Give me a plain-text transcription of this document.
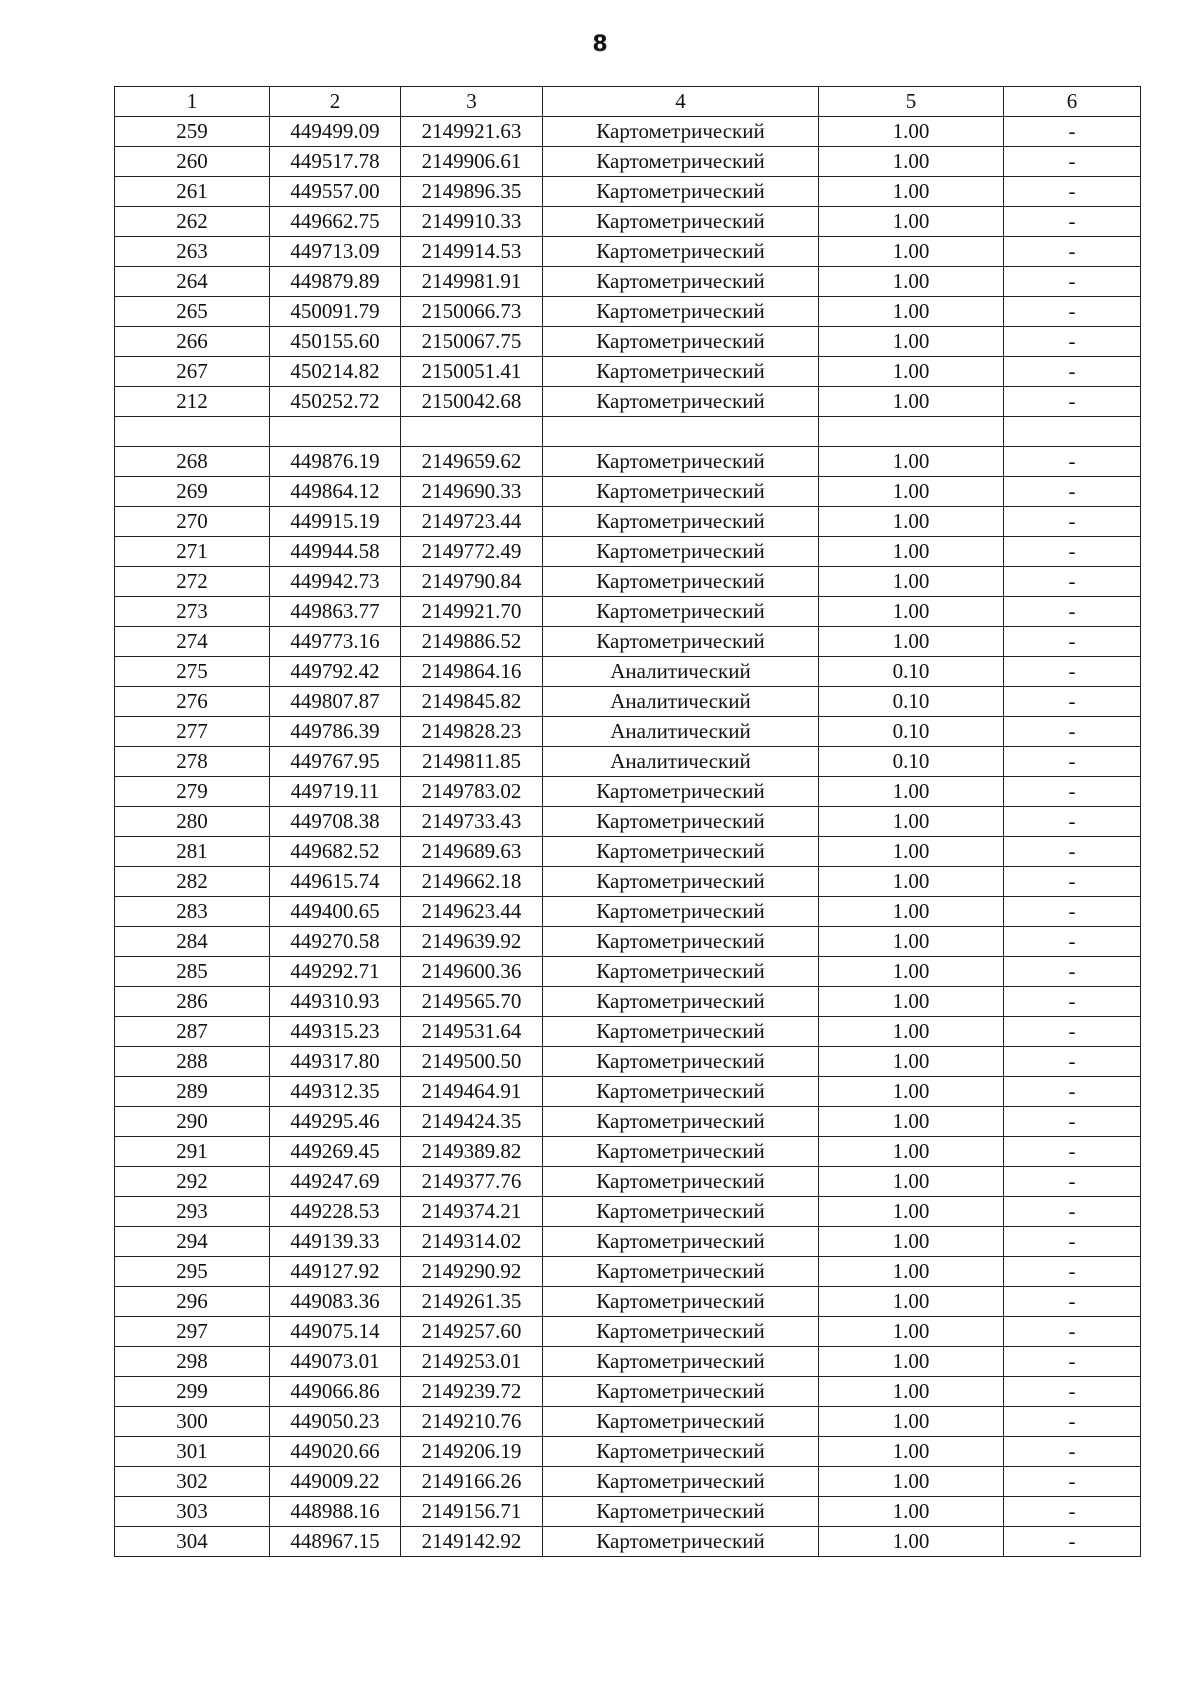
8
1	2	3	4	5	6
259	449499.09	2149921.63	Картометрический	1.00	-
260	449517.78	2149906.61	Картометрический	1.00	-
261	449557.00	2149896.35	Картометрический	1.00	-
262	449662.75	2149910.33	Картометрический	1.00	-
263	449713.09	2149914.53	Картометрический	1.00	-
264	449879.89	2149981.91	Картометрический	1.00	-
265	450091.79	2150066.73	Картометрический	1.00	-
266	450155.60	2150067.75	Картометрический	1.00	-
267	450214.82	2150051.41	Картометрический	1.00	-
212	450252.72	2150042.68	Картометрический	1.00	-

268	449876.19	2149659.62	Картометрический	1.00	-
269	449864.12	2149690.33	Картометрический	1.00	-
270	449915.19	2149723.44	Картометрический	1.00	-
271	449944.58	2149772.49	Картометрический	1.00	-
272	449942.73	2149790.84	Картометрический	1.00	-
273	449863.77	2149921.70	Картометрический	1.00	-
274	449773.16	2149886.52	Картометрический	1.00	-
275	449792.42	2149864.16	Аналитический	0.10	-
276	449807.87	2149845.82	Аналитический	0.10	-
277	449786.39	2149828.23	Аналитический	0.10	-
278	449767.95	2149811.85	Аналитический	0.10	-
279	449719.11	2149783.02	Картометрический	1.00	-
280	449708.38	2149733.43	Картометрический	1.00	-
281	449682.52	2149689.63	Картометрический	1.00	-
282	449615.74	2149662.18	Картометрический	1.00	-
283	449400.65	2149623.44	Картометрический	1.00	-
284	449270.58	2149639.92	Картометрический	1.00	-
285	449292.71	2149600.36	Картометрический	1.00	-
286	449310.93	2149565.70	Картометрический	1.00	-
287	449315.23	2149531.64	Картометрический	1.00	-
288	449317.80	2149500.50	Картометрический	1.00	-
289	449312.35	2149464.91	Картометрический	1.00	-
290	449295.46	2149424.35	Картометрический	1.00	-
291	449269.45	2149389.82	Картометрический	1.00	-
292	449247.69	2149377.76	Картометрический	1.00	-
293	449228.53	2149374.21	Картометрический	1.00	-
294	449139.33	2149314.02	Картометрический	1.00	-
295	449127.92	2149290.92	Картометрический	1.00	-
296	449083.36	2149261.35	Картометрический	1.00	-
297	449075.14	2149257.60	Картометрический	1.00	-
298	449073.01	2149253.01	Картометрический	1.00	-
299	449066.86	2149239.72	Картометрический	1.00	-
300	449050.23	2149210.76	Картометрический	1.00	-
301	449020.66	2149206.19	Картометрический	1.00	-
302	449009.22	2149166.26	Картометрический	1.00	-
303	448988.16	2149156.71	Картометрический	1.00	-
304	448967.15	2149142.92	Картометрический	1.00	-
